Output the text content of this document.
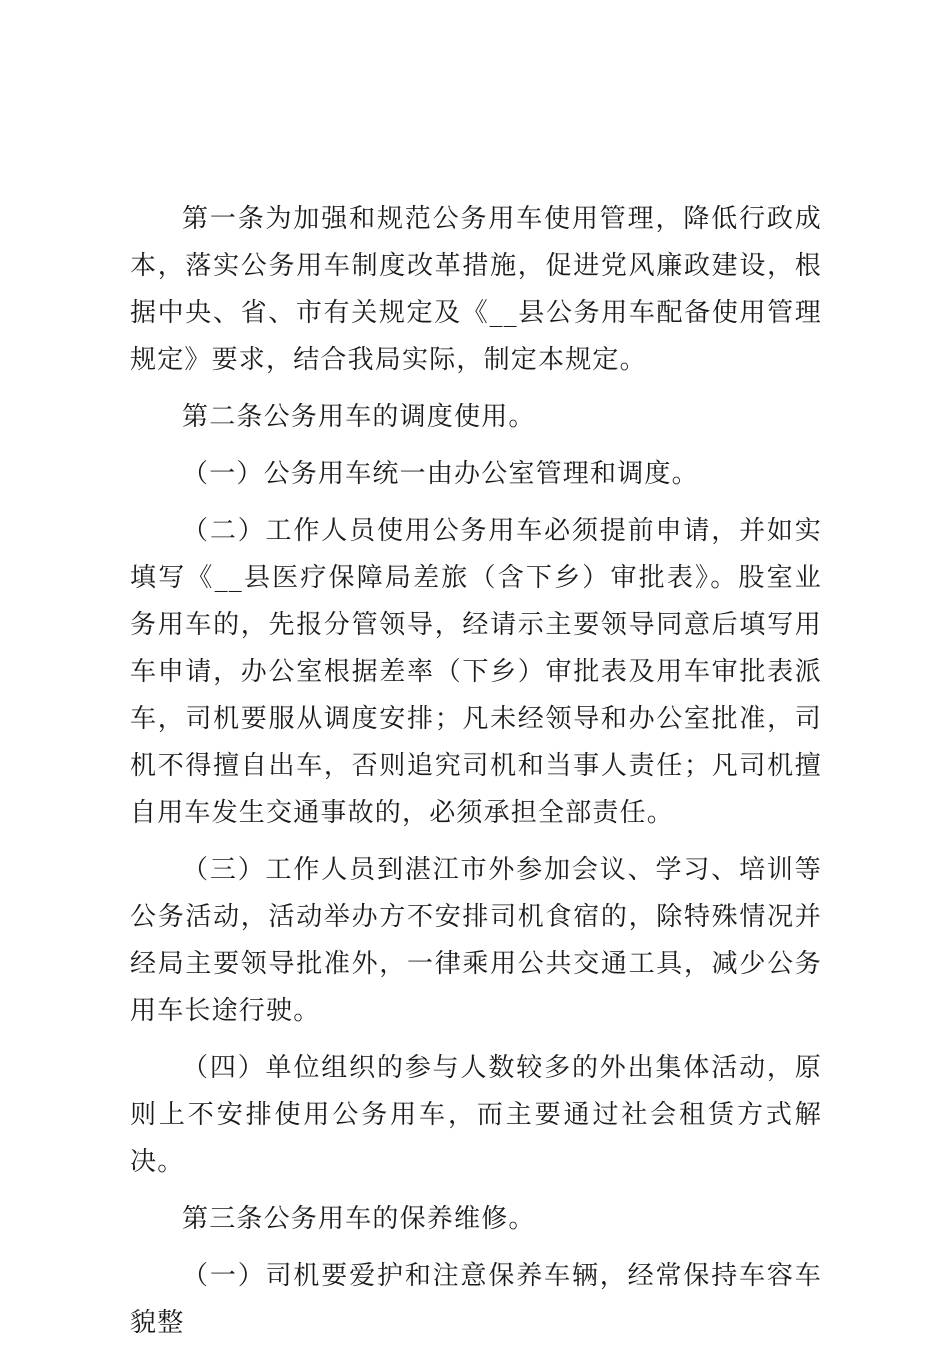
第一条为加强和规范公务用车使用管理，降低行政成本，落实公务用车制度改革措施，促进党风廉政建设，根据中央、省、市有关规定及《__县公务用车配备使用管理规定》要求，结合我局实际，制定本规定。

第二条公务用车的调度使用。

（一）公务用车统一由办公室管理和调度。

（二）工作人员使用公务用车必须提前申请，并如实填写《__县医疗保障局差旅（含下乡）审批表》。股室业务用车的，先报分管领导，经请示主要领导同意后填写用车申请，办公室根据差率（下乡）审批表及用车审批表派车，司机要服从调度安排；凡未经领导和办公室批准，司机不得擅自出车，否则追究司机和当事人责任；凡司机擅自用车发生交通事故的，必须承担全部责任。

（三）工作人员到湛江市外参加会议、学习、培训等公务活动，活动举办方不安排司机食宿的，除特殊情况并经局主要领导批准外，一律乘用公共交通工具，减少公务用车长途行驶。

（四）单位组织的参与人数较多的外出集体活动，原则上不安排使用公务用车，而主要通过社会租赁方式解决。

第三条公务用车的保养维修。

（一）司机要爱护和注意保养车辆，经常保持车容车貌整
